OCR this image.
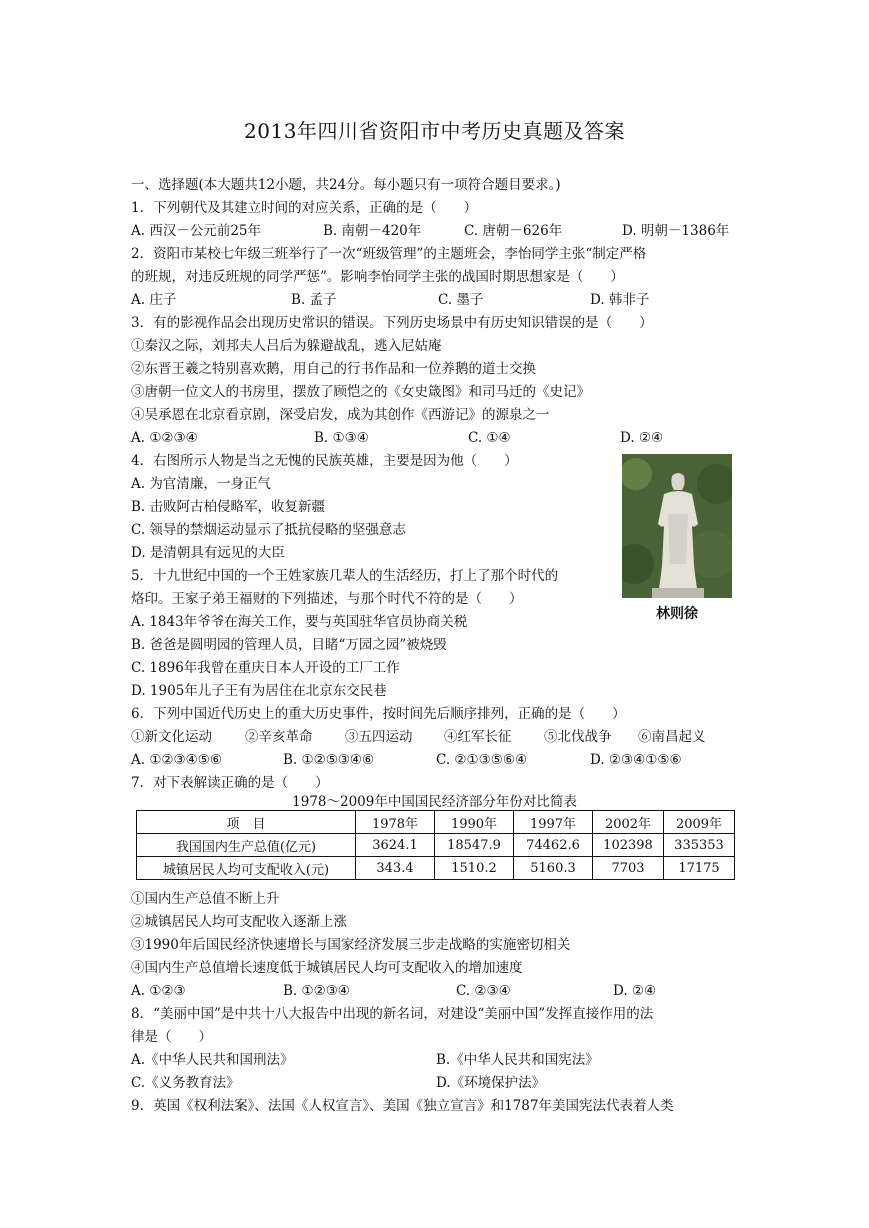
2013年四川省资阳市中考历史真题及答案
一、选择题(本大题共12小题，共24分。每小题只有一项符合题目要求。)
1．下列朝代及其建立时间的对应关系，正确的是（　　）
A. 西汉－公元前25年	B. 南朝－420年	C. 唐朝－626年	D. 明朝－1386年
2．资阳市某校七年级三班举行了一次“班级管理”的主题班会，李怡同学主张“制定严格
的班规，对违反班规的同学严惩”。影响李怡同学主张的战国时期思想家是（　　）
A. 庄子	B. 孟子	C. 墨子	D. 韩非子
3．有的影视作品会出现历史常识的错误。下列历史场景中有历史知识错误的是（　　）
①秦汉之际，刘邦夫人吕后为躲避战乱，逃入尼姑庵
②东晋王羲之特别喜欢鹅，用自己的行书作品和一位养鹅的道士交换
③唐朝一位文人的书房里，摆放了顾恺之的《女史箴图》和司马迁的《史记》
④吴承恩在北京看京剧，深受启发，成为其创作《西游记》的源泉之一
A. ①②③④	B. ①③④	C. ①④	D. ②④
4．右图所示人物是当之无愧的民族英雄，主要是因为他（　　）
A. 为官清廉，一身正气
B. 击败阿古柏侵略军，收复新疆
C. 领导的禁烟运动显示了抵抗侵略的坚强意志
D. 是清朝具有远见的大臣
林则徐
5．十九世纪中国的一个王姓家族几辈人的生活经历，打上了那个时代的
烙印。王家子弟王福财的下列描述，与那个时代不符的是（　　）
A. 1843年爷爷在海关工作，要与英国驻华官员协商关税
B. 爸爸是圆明园的管理人员，目睹“万园之园”被烧毁
C. 1896年我曾在重庆日本人开设的工厂工作
D. 1905年儿子王有为居住在北京东交民巷
6．下列中国近代历史上的重大历史事件，按时间先后顺序排列，正确的是（　　）
①新文化运动 ②辛亥革命 ③五四运动 ④红军长征 ⑤北伐战争 ⑥南昌起义
A. ①②③④⑤⑥	B. ①②⑤③④⑥	C. ②①③⑤⑥④	D. ②③④①⑤⑥
7．对下表解读正确的是（　　）
1978～2009年中国国民经济部分年份对比简表
项　目	1978年	1990年	1997年	2002年	2009年
我国国内生产总值(亿元)	3624.1	18547.9	74462.6	102398	335353
城镇居民人均可支配收入(元)	343.4	1510.2	5160.3	7703	17175
①国内生产总值不断上升
②城镇居民人均可支配收入逐渐上涨
③1990年后国民经济快速增长与国家经济发展三步走战略的实施密切相关
④国内生产总值增长速度低于城镇居民人均可支配收入的增加速度
A. ①②③	B. ①②③④	C. ②③④	D. ②④
8．“美丽中国”是中共十八大报告中出现的新名词，对建设“美丽中国”发挥直接作用的法
律是（　　）
A.《中华人民共和国刑法》	B.《中华人民共和国宪法》
C.《义务教育法》	D.《环境保护法》
9．英国《权利法案》、法国《人权宣言》、美国《独立宣言》和1787年美国宪法代表着人类
